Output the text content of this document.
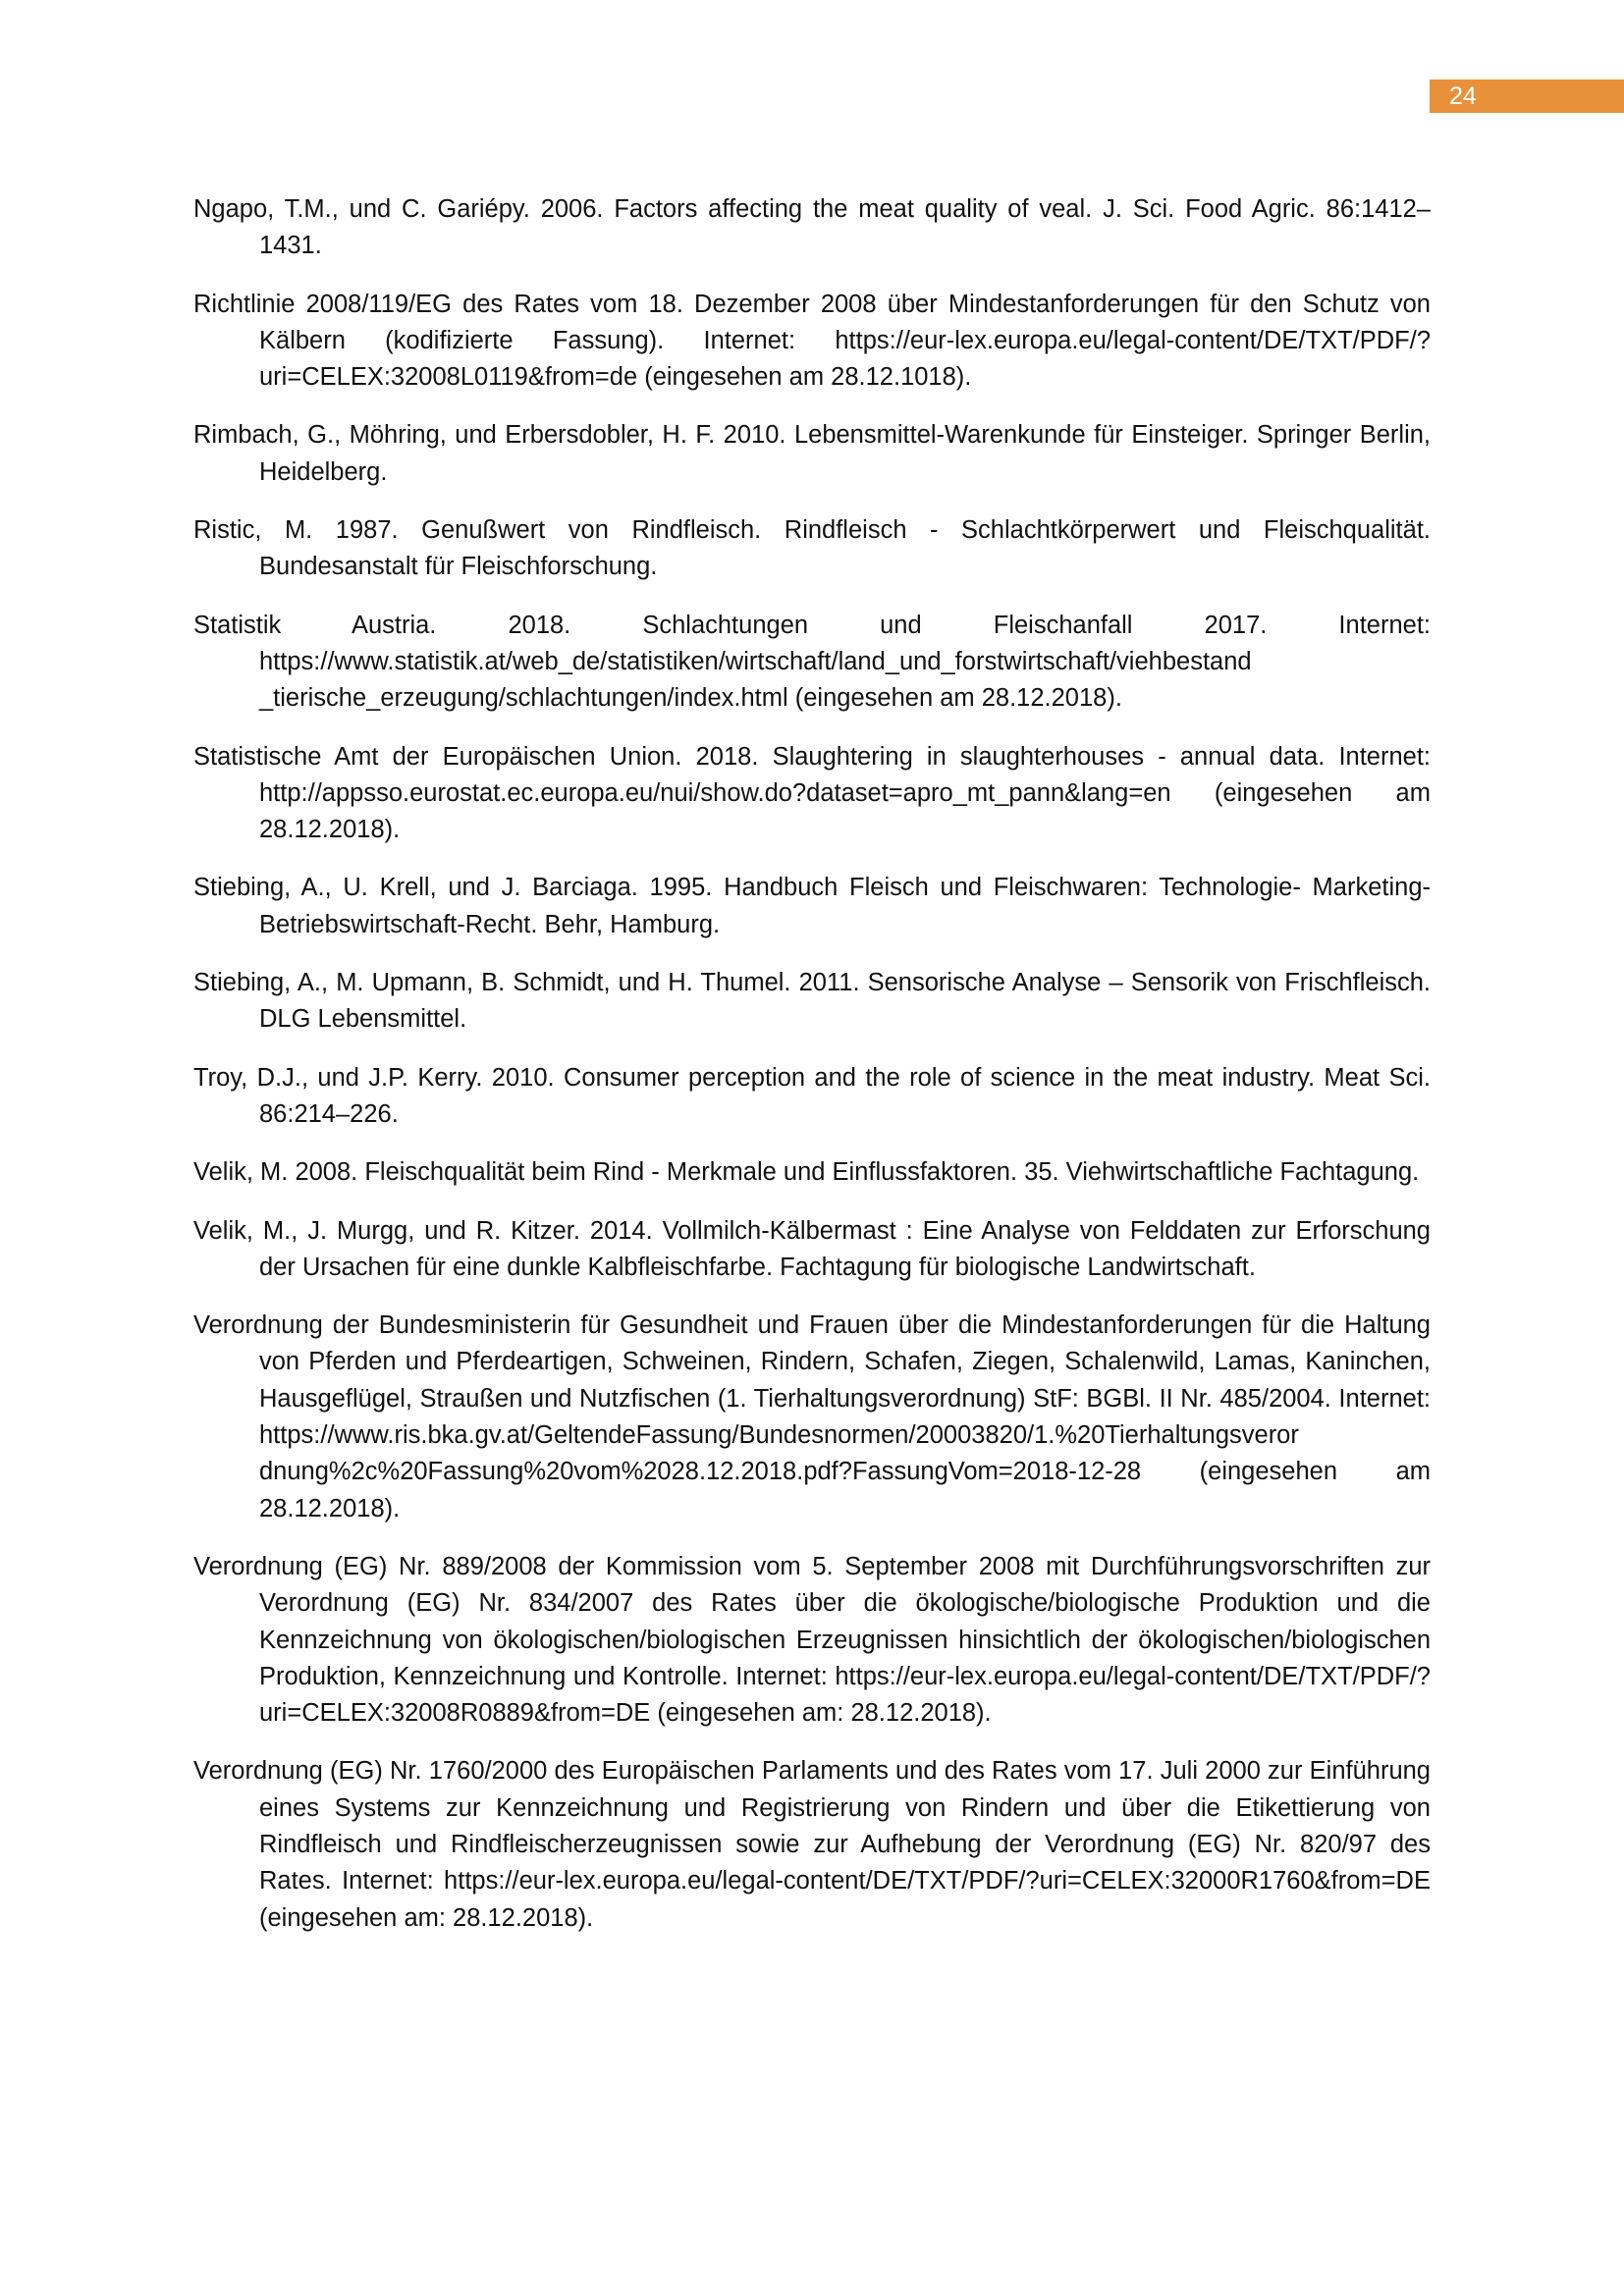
24
Ngapo, T.M., und C. Gariépy. 2006. Factors affecting the meat quality of veal. J. Sci. Food Agric. 86:1412–1431.
Richtlinie 2008/119/EG des Rates vom 18. Dezember 2008 über Mindestanforderungen für den Schutz von Kälbern (kodifizierte Fassung). Internet: https://eur-lex.europa.eu/legal-content/DE/TXT/PDF/?uri=CELEX:32008L0119&from=de (eingesehen am 28.12.1018).
Rimbach, G., Möhring, und Erbersdobler, H. F. 2010. Lebensmittel-Warenkunde für Einsteiger. Springer Berlin, Heidelberg.
Ristic, M. 1987. Genußwert von Rindfleisch. Rindfleisch - Schlachtkörperwert und Fleischqualität. Bundesanstalt für Fleischforschung.
Statistik Austria. 2018. Schlachtungen und Fleischanfall 2017. Internet: https://www.statistik.at/web_de/statistiken/wirtschaft/land_und_forstwirtschaft/viehbestand _tierische_erzeugung/schlachtungen/index.html (eingesehen am 28.12.2018).
Statistische Amt der Europäischen Union. 2018. Slaughtering in slaughterhouses - annual data. Internet: http://appsso.eurostat.ec.europa.eu/nui/show.do?dataset=apro_mt_pann&lang=en (eingesehen am 28.12.2018).
Stiebing, A., U. Krell, und J. Barciaga. 1995. Handbuch Fleisch und Fleischwaren: Technologie- Marketing- Betriebswirtschaft-Recht. Behr, Hamburg.
Stiebing, A., M. Upmann, B. Schmidt, und H. Thumel. 2011. Sensorische Analyse – Sensorik von Frischfleisch. DLG Lebensmittel.
Troy, D.J., und J.P. Kerry. 2010. Consumer perception and the role of science in the meat industry. Meat Sci. 86:214–226.
Velik, M. 2008. Fleischqualität beim Rind - Merkmale und Einflussfaktoren. 35. Viehwirtschaftliche Fachtagung.
Velik, M., J. Murgg, und R. Kitzer. 2014. Vollmilch-Kälbermast : Eine Analyse von Felddaten zur Erforschung der Ursachen für eine dunkle Kalbfleischfarbe. Fachtagung für biologische Landwirtschaft.
Verordnung der Bundesministerin für Gesundheit und Frauen über die Mindestanforderungen für die Haltung von Pferden und Pferdeartigen, Schweinen, Rindern, Schafen, Ziegen, Schalenwild, Lamas, Kaninchen, Hausgeflügel, Straußen und Nutzfischen (1. Tierhaltungsverordnung) StF: BGBl. II Nr. 485/2004. Internet: https://www.ris.bka.gv.at/GeltendeFassung/Bundesnormen/20003820/1.%20Tierhaltungsveror dnung%2c%20Fassung%20vom%2028.12.2018.pdf?FassungVom=2018-12-28 (eingesehen am 28.12.2018).
Verordnung (EG) Nr. 889/2008 der Kommission vom 5. September 2008 mit Durchführungsvorschriften zur Verordnung (EG) Nr. 834/2007 des Rates über die ökologische/biologische Produktion und die Kennzeichnung von ökologischen/biologischen Erzeugnissen hinsichtlich der ökologischen/biologischen Produktion, Kennzeichnung und Kontrolle. Internet: https://eur-lex.europa.eu/legal-content/DE/TXT/PDF/?uri=CELEX:32008R0889&from=DE (eingesehen am: 28.12.2018).
Verordnung (EG) Nr. 1760/2000 des Europäischen Parlaments und des Rates vom 17. Juli 2000 zur Einführung eines Systems zur Kennzeichnung und Registrierung von Rindern und über die Etikettierung von Rindfleisch und Rindfleischerzeugnissen sowie zur Aufhebung der Verordnung (EG) Nr. 820/97 des Rates. Internet: https://eur-lex.europa.eu/legal-content/DE/TXT/PDF/?uri=CELEX:32000R1760&from=DE (eingesehen am: 28.12.2018).
